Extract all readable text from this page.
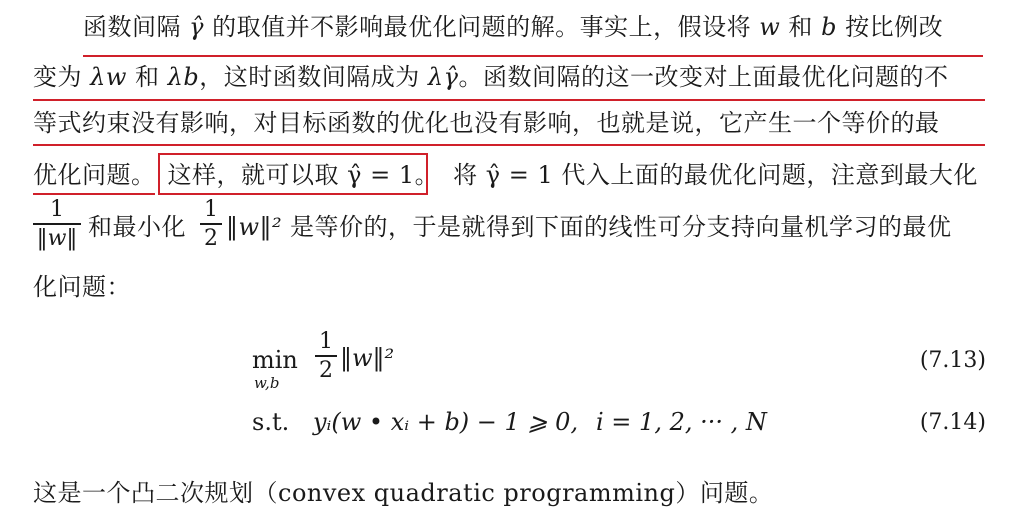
函数间隔 γ̂ 的取值并不影响最优化问题的解。事实上，假设将 w 和 b 按比例改
变为 λw 和 λb，这时函数间隔成为 λγ̂。函数间隔的这一改变对上面最优化问题的不
等式约束没有影响，对目标函数的优化也没有影响，也就是说，它产生一个等价的最
优化问题。 这样，就可以取 γ̂ = 1。 将 γ̂ = 1 代入上面的最优化问题，注意到最大化
1
‖w‖ 和最小化
1
2 ‖w‖² 是等价的，于是就得到下面的线性可分支持向量机学习的最优
化问题：
min
w,b
1
2 ‖w‖²	(7.13)
s.t. yᵢ(w • xᵢ + b) − 1 ⩾ 0, i = 1, 2, ··· , N	(7.14)
这是一个凸二次规划（convex quadratic programming）问题。
